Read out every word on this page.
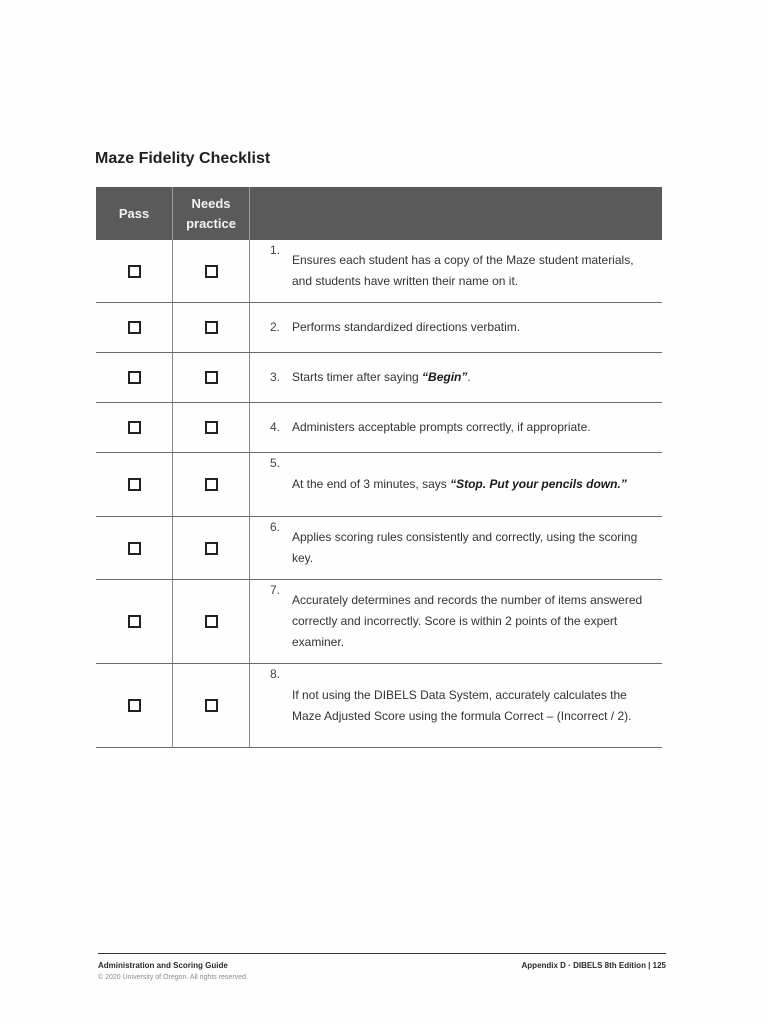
Maze Fidelity Checklist
Pass
Needs practice
1.
Ensures each student has a copy of the Maze student materials, and students have written their name on it.
2. Performs standardized directions verbatim.
3. Starts timer after saying “Begin”.
4. Administers acceptable prompts correctly, if appropriate.
5.
At the end of 3 minutes, says “Stop. Put your pencils down.”
6.
Applies scoring rules consistently and correctly, using the scoring key.
7.
Accurately determines and records the number of items answered correctly and incorrectly. Score is within 2 points of the expert examiner.
8.
If not using the DIBELS Data System, accurately calculates the Maze Adjusted Score using the formula Correct – (Incorrect / 2).
Administration and Scoring Guide	Appendix D · DIBELS 8th Edition | 125
© 2020 University of Oregon. All rights reserved.
